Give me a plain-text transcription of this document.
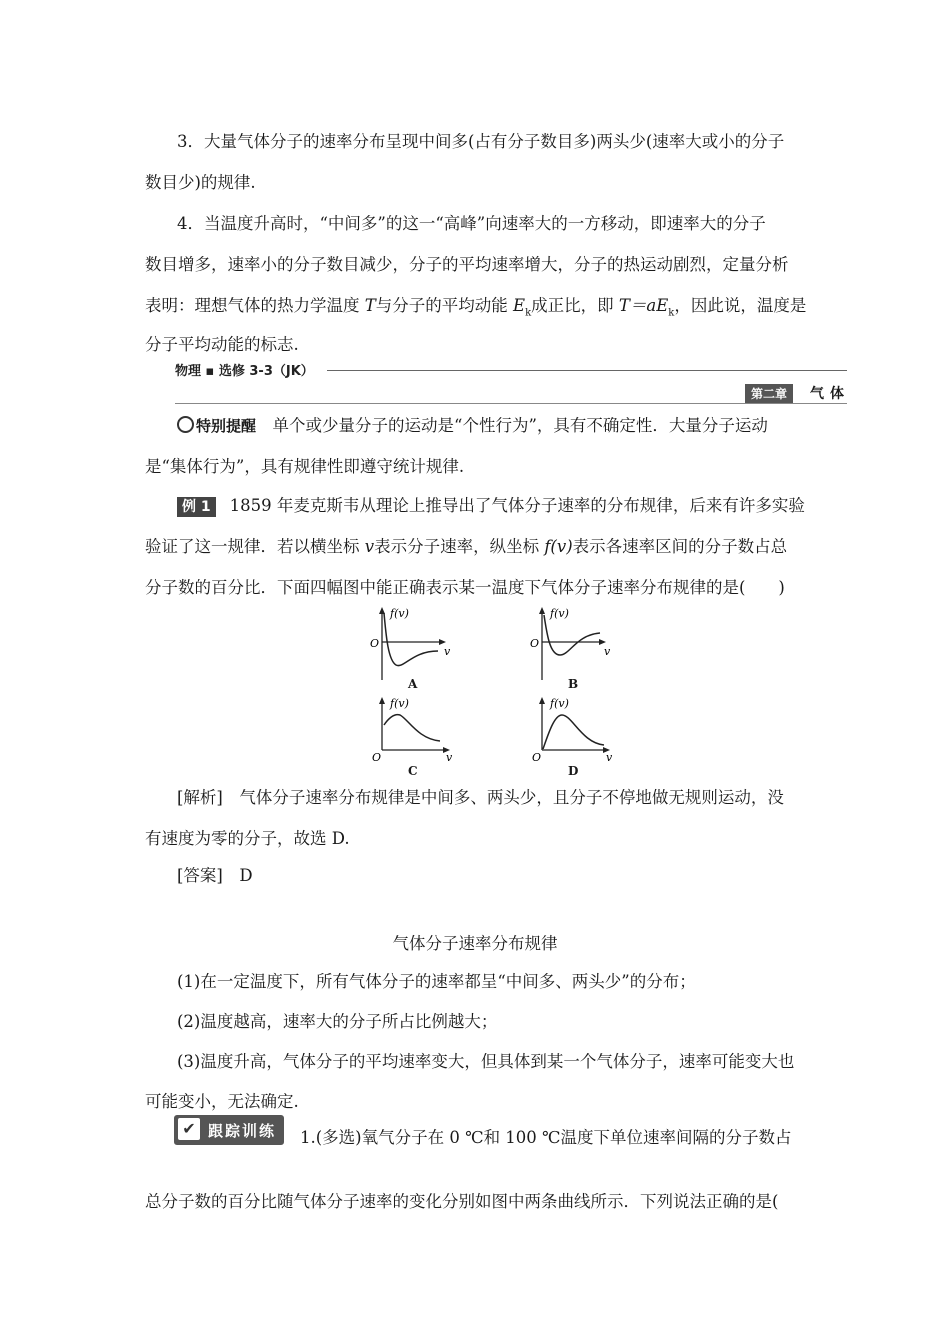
3．大量气体分子的速率分布呈现中间多(占有分子数目多)两头少(速率大或小的分子
数目少)的规律.
4．当温度升高时，“中间多”的这一“高峰”向速率大的一方移动，即速率大的分子
数目增多，速率小的分子数目减少，分子的平均速率增大，分子的热运动剧烈，定量分析
表明：理想气体的热力学温度 T与分子的平均动能 $E_k$成正比，即 $T=aE_k$，因此说，温度是
分子平均动能的标志.
物理 ▪ 选修 3-3（JK）
第二章	气体
特别提醒　单个或少量分子的运动是“个性行为”，具有不确定性．大量分子运动
是“集体行为”，具有规律性即遵守统计规律.
例 1 1859 年麦克斯韦从理论上推导出了气体分子速率的分布规律，后来有许多实验
验证了这一规律．若以横坐标 v表示分子速率，纵坐标 f(v)表示各速率区间的分子数占总
分子数的百分比．下面四幅图中能正确表示某一温度下气体分子速率分布规律的是(　　)
f(v)
v
O
A
f(v)
v
O
B
f(v)
v
O
C
f(v)
v
O
D
[解析]　气体分子速率分布规律是中间多、两头少，且分子不停地做无规则运动，没
有速度为零的分子，故选 D.
[答案]　D
气体分子速率分布规律
(1)在一定温度下，所有气体分子的速率都呈“中间多、两头少”的分布；
(2)温度越高，速率大的分子所占比例越大；
(3)温度升高，气体分子的平均速率变大，但具体到某一个气体分子，速率可能变大也
可能变小，无法确定.
✔ 跟踪训练 1.(多选)氧气分子在 0 ℃和 100 ℃温度下单位速率间隔的分子数占
总分子数的百分比随气体分子速率的变化分别如图中两条曲线所示．下列说法正确的是(
